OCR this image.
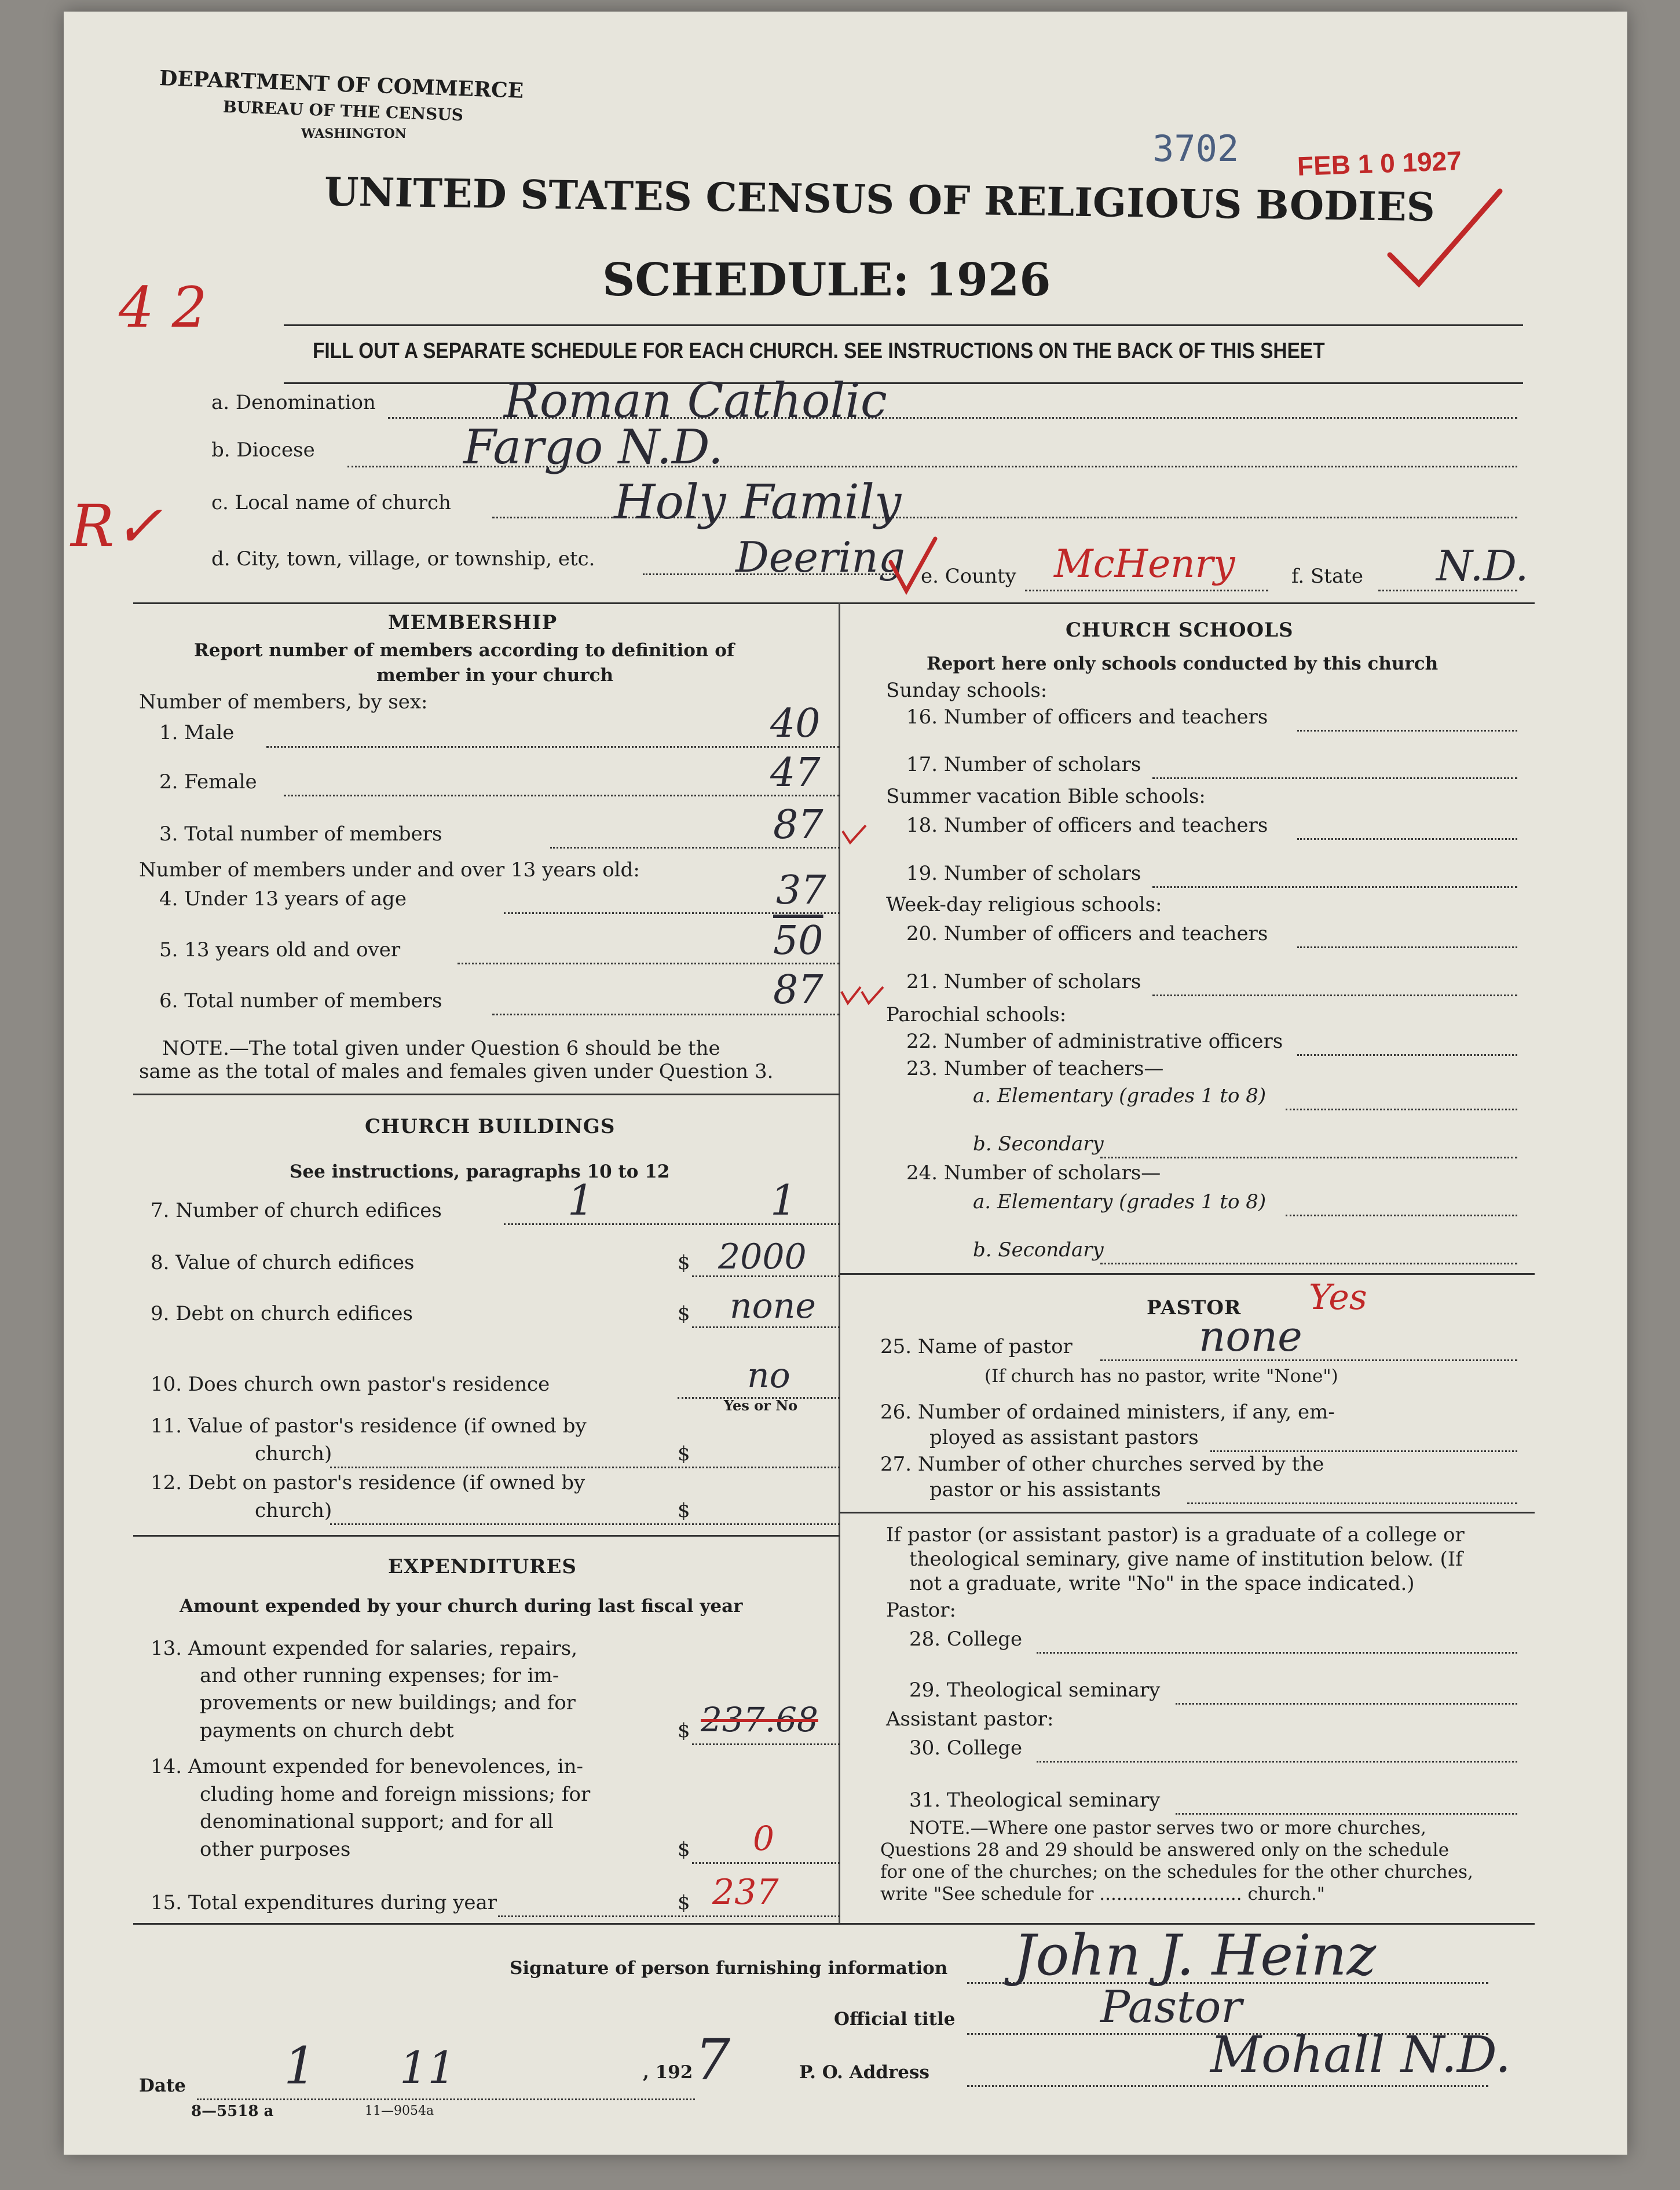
DEPARTMENT OF COMMERCE
BUREAU OF THE CENSUS
WASHINGTON	3702 FEB 1 0 1927
UNITED STATES CENSUS OF RELIGIOUS BODIES
SCHEDULE: 1926
4 2
R✓
FILL OUT A SEPARATE SCHEDULE FOR EACH CHURCH. SEE INSTRUCTIONS ON THE BACK OF THIS SHEET
a. Denomination	Roman Catholic
b. Diocese	Fargo N.D.
c. Local name of church	Holy Family
d. City, town, village, or township, etc.	Deering e. County McHenry	f. State N.D.
MEMBERSHIP
Report number of members according to definition of
member in your church
Number of members, by sex:
1. Male	40
2. Female	47
3. Total number of members	87
Number of members under and over 13 years old:
4. Under 13 years of age	37
5. 13 years old and over	50
6. Total number of members	87
NOTE.—The total given under Question 6 should be the
same as the total of males and females given under Question 3.
CHURCH BUILDINGS
See instructions, paragraphs 10 to 12
7. Number of church edifices	1	1
8. Value of church edifices	$ 2000
9. Debt on church edifices	$ none
10. Does church own pastor's residence	no
Yes or No
11. Value of pastor's residence (if owned by
church)	$
12. Debt on pastor's residence (if owned by
church)	$
EXPENDITURES
Amount expended by your church during last fiscal year
13. Amount expended for salaries, repairs,
and other running expenses; for im-
provements or new buildings; and for
payments on church debt	$ 237.68
14. Amount expended for benevolences, in-
cluding home and foreign missions; for
denominational support; and for all
other purposes	$ 0
15. Total expenditures during year	$ 237
CHURCH SCHOOLS
Report here only schools conducted by this church
Sunday schools:
16. Number of officers and teachers
17. Number of scholars
Summer vacation Bible schools:
18. Number of officers and teachers
19. Number of scholars
Week-day religious schools:
20. Number of officers and teachers
21. Number of scholars
Parochial schools:
22. Number of administrative officers
23. Number of teachers—
a. Elementary (grades 1 to 8)
b. Secondary
24. Number of scholars—
a. Elementary (grades 1 to 8)
b. Secondary
PASTOR
25. Name of pastor	none
Yes
(If church has no pastor, write "None")
26. Number of ordained ministers, if any, em-
ployed as assistant pastors
27. Number of other churches served by the
pastor or his assistants
If pastor (or assistant pastor) is a graduate of a college or
theological seminary, give name of institution below. (If
not a graduate, write "No" in the space indicated.)
Pastor:
28. College
29. Theological seminary
Assistant pastor:
30. College
31. Theological seminary
NOTE.—Where one pastor serves two or more churches,
Questions 28 and 29 should be answered only on the schedule
for one of the churches; on the schedules for the other churches,
write "See schedule for ......................... church."
Signature of person furnishing information John J. Heinz
Official title	Pastor
Date 1 11	, 192 7	P. O. Address	Mohall N.D.
8—5518 a	11—9054a
